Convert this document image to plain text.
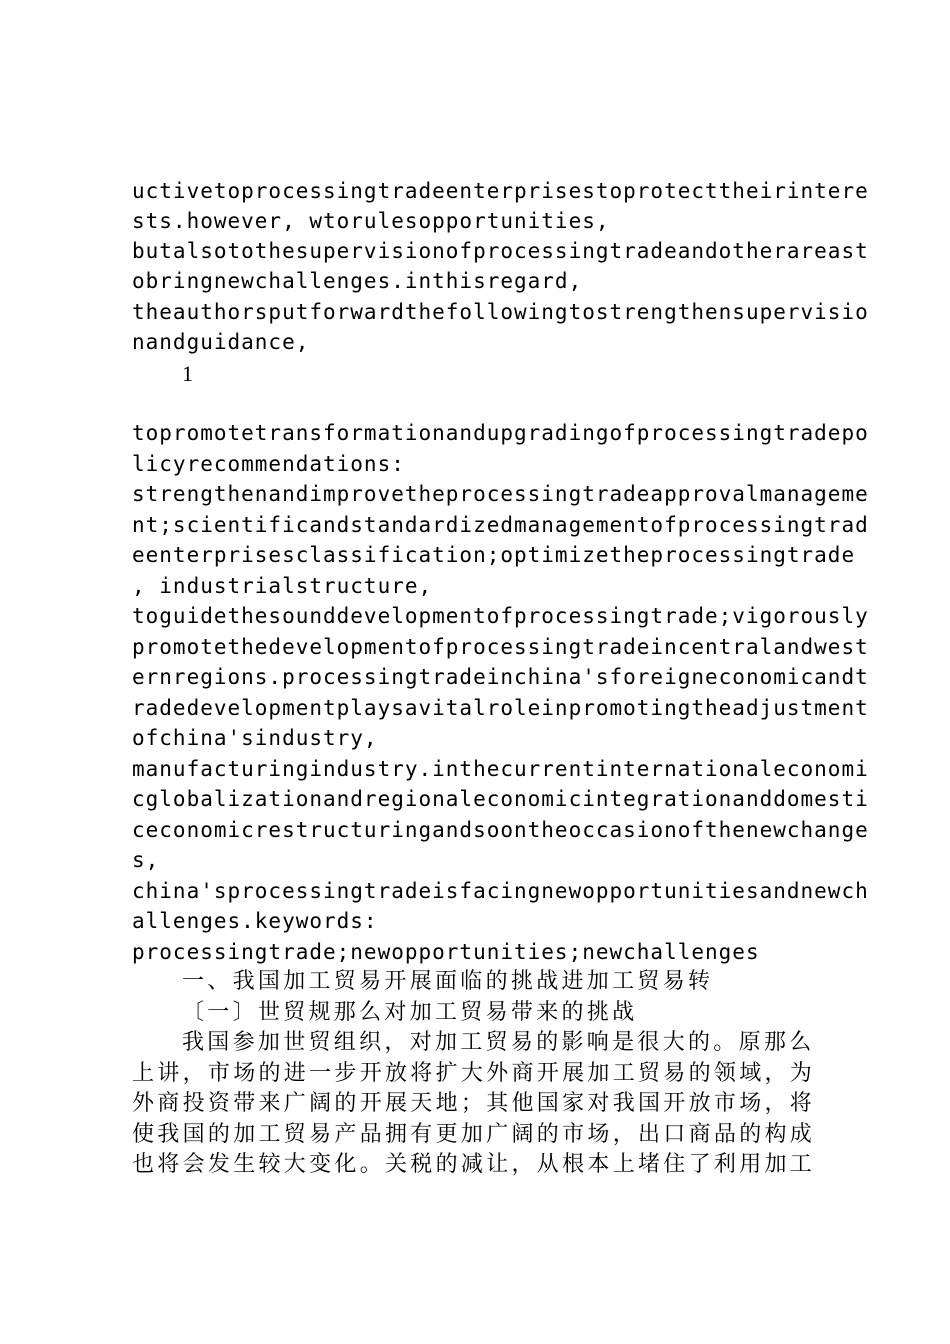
uctivetoprocessingtradeenterprisestoprotecttheirintere
sts.however, wtorulesopportunities,
butalsotothesupervisionofprocessingtradeandotherareast
obringnewchallenges.inthisregard,
theauthorsputforwardthefollowingtostrengthensupervisio
nandguidance,
1
topromotetransformationandupgradingofprocessingtradepo
licyrecommendations:
strengthenandimprovetheprocessingtradeapprovalmanageme
nt;scientificandstandardizedmanagementofprocessingtrad
eenterprisesclassification;optimizetheprocessingtrade
, industrialstructure,
toguidethesounddevelopmentofprocessingtrade;vigorously
promotethedevelopmentofprocessingtradeincentralandwest
ernregions.processingtradeinchina'sforeigneconomicandt
radedevelopmentplaysavitalroleinpromotingtheadjustment
ofchina'sindustry,
manufacturingindustry.inthecurrentinternationaleconomi
cglobalizationandregionaleconomicintegrationanddomesti
ceconomicrestructuringandsoontheoccasionofthenewchange
s,
china'sprocessingtradeisfacingnewopportunitiesandnewch
allenges.keywords:
processingtrade;newopportunities;newchallenges
一、我国加工贸易开展面临的挑战进加工贸易转
〔一〕世贸规那么对加工贸易带来的挑战
我国参加世贸组织，对加工贸易的影响是很大的。原那么
上讲，市场的进一步开放将扩大外商开展加工贸易的领域，为
外商投资带来广阔的开展天地；其他国家对我国开放市场，将
使我国的加工贸易产品拥有更加广阔的市场，出口商品的构成
也将会发生较大变化。关税的减让，从根本上堵住了利用加工
